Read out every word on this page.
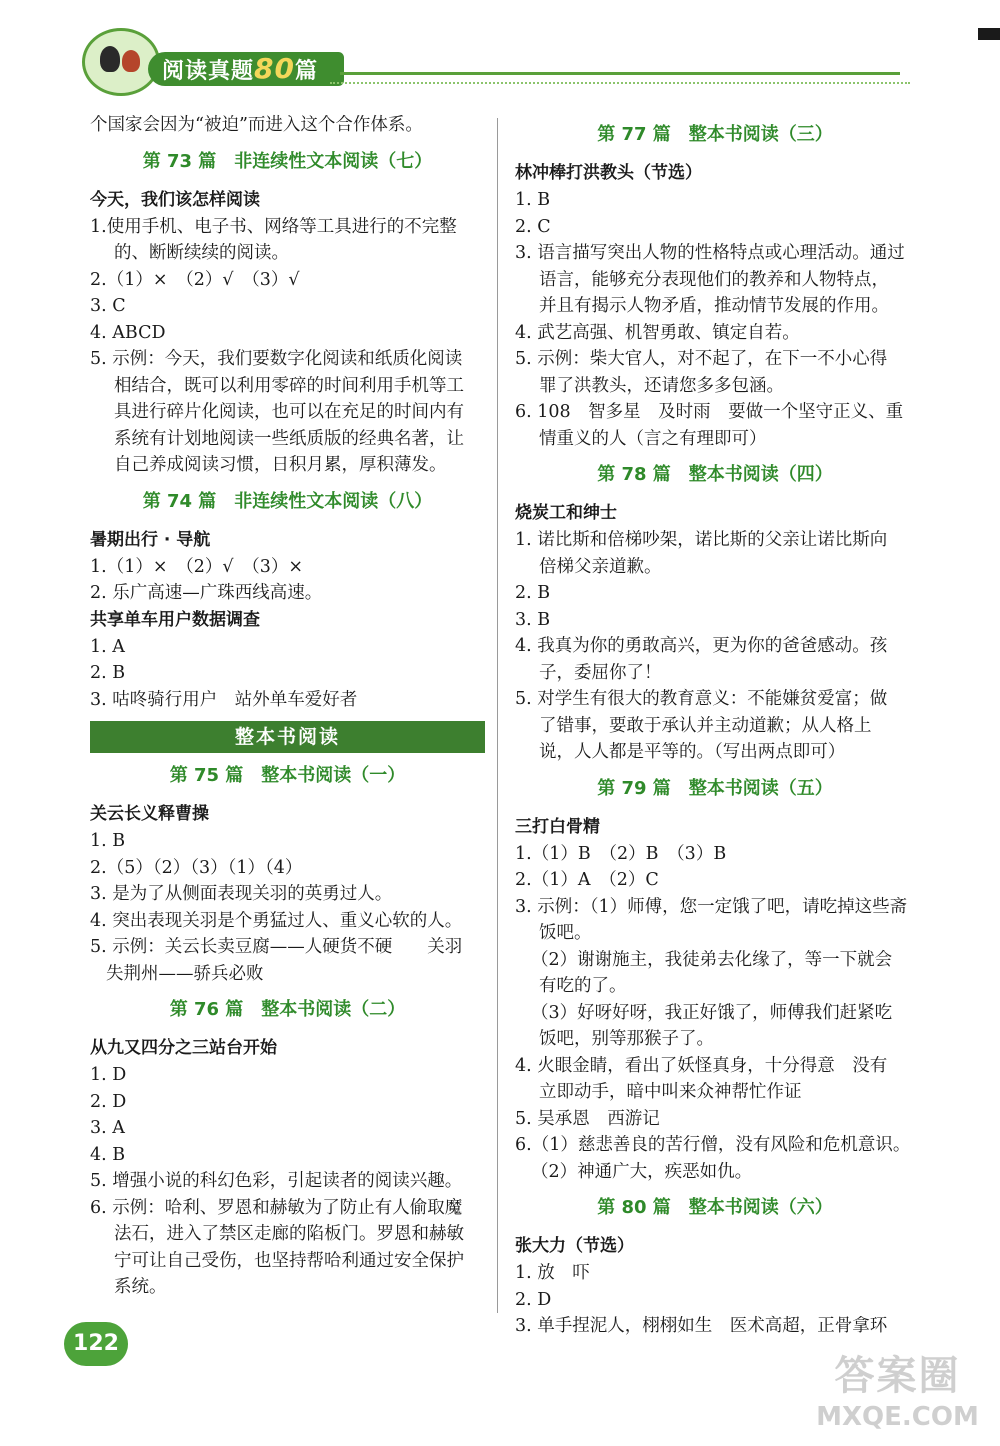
阅读真题80篇
个国家会因为“被迫”而进入这个合作体系。
第 73 篇　非连续性文本阅读（七）
今天，我们该怎样阅读
1.使用手机、电子书、网络等工具进行的不完整
的、断断续续的阅读。
2.（1）×　（2）√　（3）√
3. C
4. ABCD
5. 示例：今天，我们要数字化阅读和纸质化阅读
相结合，既可以利用零碎的时间利用手机等工
具进行碎片化阅读，也可以在充足的时间内有
系统有计划地阅读一些纸质版的经典名著，让
自己养成阅读习惯，日积月累，厚积薄发。
第 74 篇　非连续性文本阅读（八）
暑期出行 · 导航
1.（1）×　（2）√　（3）×
2. 乐广高速—广珠西线高速。
共享单车用户数据调查
1. A
2. B
3. 咕咚骑行用户　站外单车爱好者
整本书阅读
第 75 篇　整本书阅读（一）
关云长义释曹操
1. B
2.（5）（2）（3）（1）（4）
3. 是为了从侧面表现关羽的英勇过人。
4. 突出表现关羽是个勇猛过人、重义心软的人。
5. 示例：关云长卖豆腐——人硬货不硬　　关羽
失荆州——骄兵必败
第 76 篇　整本书阅读（二）
从九又四分之三站台开始
1. D
2. D
3. A
4. B
5. 增强小说的科幻色彩，引起读者的阅读兴趣。
6. 示例：哈利、罗恩和赫敏为了防止有人偷取魔
法石，进入了禁区走廊的陷板门。罗恩和赫敏
宁可让自己受伤，也坚持帮哈利通过安全保护
系统。
第 77 篇　整本书阅读（三）
林冲棒打洪教头（节选）
1. B
2. C
3. 语言描写突出人物的性格特点或心理活动。通过
语言，能够充分表现他们的教养和人物特点，
并且有揭示人物矛盾，推动情节发展的作用。
4. 武艺高强、机智勇敢、镇定自若。
5. 示例：柴大官人，对不起了，在下一不小心得
罪了洪教头，还请您多多包涵。
6. 108　智多星　及时雨　要做一个坚守正义、重
情重义的人（言之有理即可）
第 78 篇　整本书阅读（四）
烧炭工和绅士
1. 诺比斯和倍梯吵架，诺比斯的父亲让诺比斯向
倍梯父亲道歉。
2. B
3. B
4. 我真为你的勇敢高兴，更为你的爸爸感动。孩
子，委屈你了！
5. 对学生有很大的教育意义：不能嫌贫爱富；做
了错事，要敢于承认并主动道歉；从人格上
说，人人都是平等的。（写出两点即可）
第 79 篇　整本书阅读（五）
三打白骨精
1.（1）B　（2）B　（3）B
2.（1）A　（2）C
3. 示例：（1）师傅，您一定饿了吧，请吃掉这些斋
饭吧。
（2）谢谢施主，我徒弟去化缘了，等一下就会
有吃的了。
（3）好呀好呀，我正好饿了，师傅我们赶紧吃
饭吧，别等那猴子了。
4. 火眼金睛，看出了妖怪真身，十分得意　没有
立即动手，暗中叫来众神帮忙作证
5. 吴承恩　西游记
6.（1）慈悲善良的苦行僧，没有风险和危机意识。
（2）神通广大，疾恶如仇。
第 80 篇　整本书阅读（六）
张大力（节选）
1. 放　吓
2. D
3. 单手捏泥人，栩栩如生　医术高超，正骨拿环
122
答案圈
MXQE.COM
